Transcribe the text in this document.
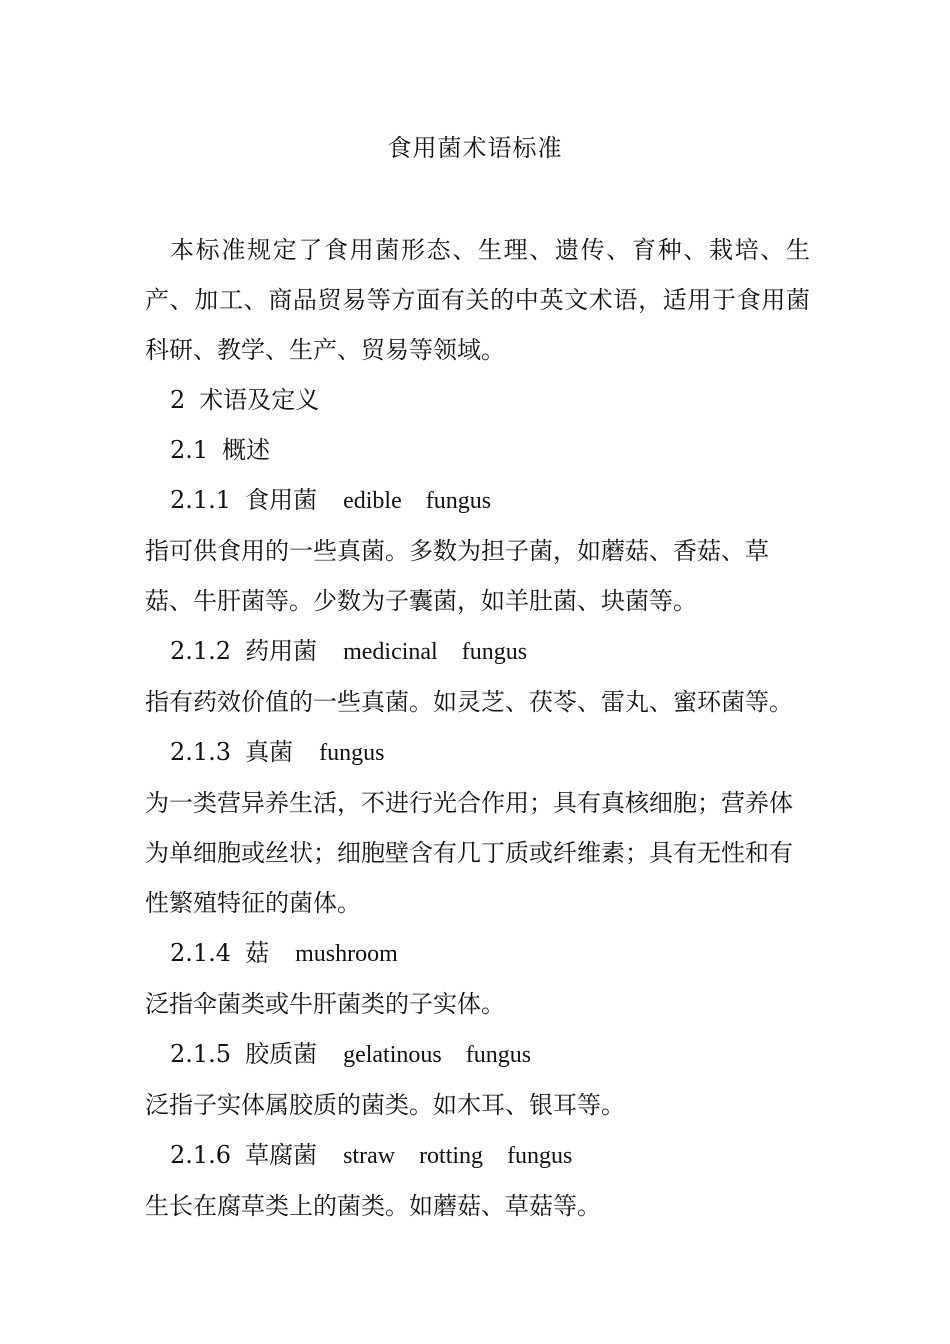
食用菌术语标准

本标准规定了食用菌形态、生理、遗传、育种、栽培、生产、加工、商品贸易等方面有关的中英文术语，适用于食用菌科研、教学、生产、贸易等领域。

2 术语及定义

2.1 概述

2.1.1 食用菌 edible fungus

指可供食用的一些真菌。多数为担子菌，如蘑菇、香菇、草菇、牛肝菌等。少数为子囊菌，如羊肚菌、块菌等。

2.1.2 药用菌 medicinal fungus

指有药效价值的一些真菌。如灵芝、茯苓、雷丸、蜜环菌等。

2.1.3 真菌 fungus

为一类营异养生活，不进行光合作用；具有真核细胞；营养体为单细胞或丝状；细胞壁含有几丁质或纤维素；具有无性和有性繁殖特征的菌体。

2.1.4 菇 mushroom

泛指伞菌类或牛肝菌类的子实体。

2.1.5 胶质菌 gelatinous fungus

泛指子实体属胶质的菌类。如木耳、银耳等。

2.1.6 草腐菌 straw rotting fungus

生长在腐草类上的菌类。如蘑菇、草菇等。
